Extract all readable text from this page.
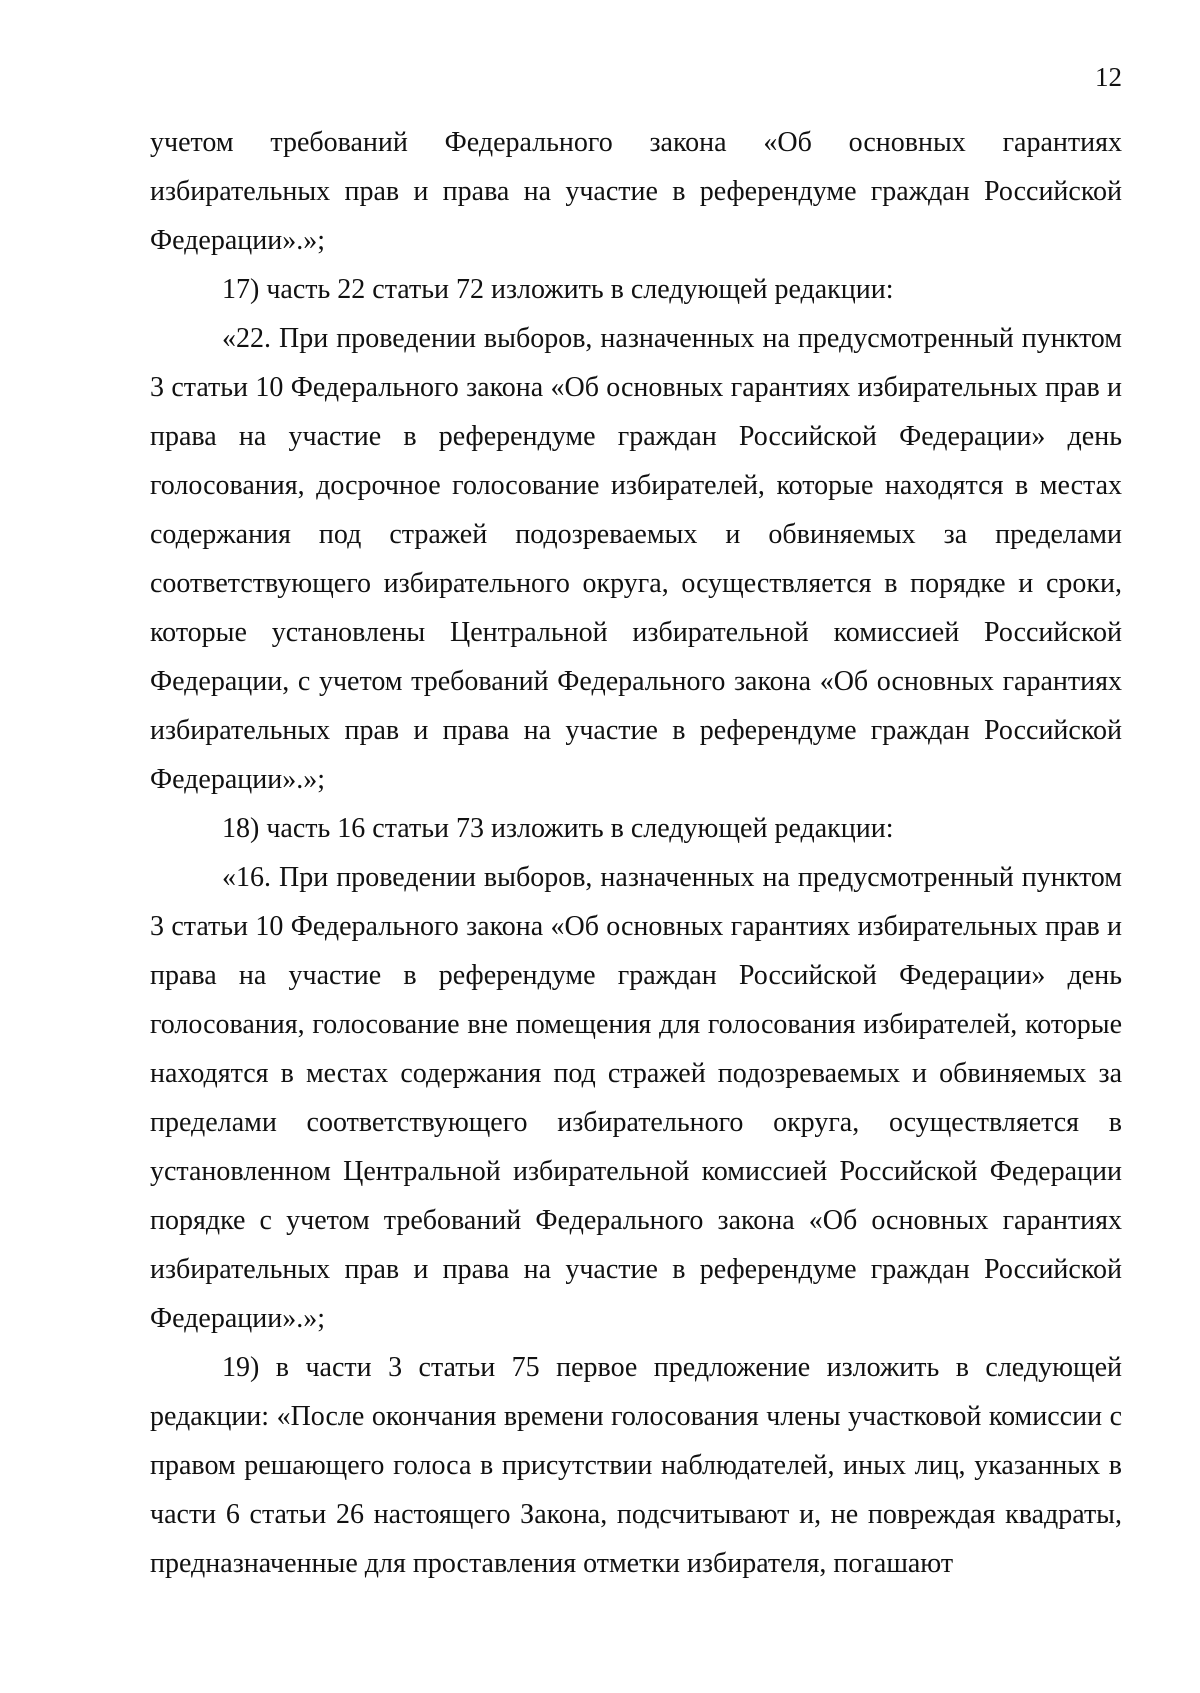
12

учетом требований Федерального закона «Об основных гарантиях избирательных прав и права на участие в референдуме граждан Российской Федерации».»;

17) часть 22 статьи 72 изложить в следующей редакции:

«22. При проведении выборов, назначенных на предусмотренный пунктом 3 статьи 10 Федерального закона «Об основных гарантиях избирательных прав и права на участие в референдуме граждан Российской Федерации» день голосования, досрочное голосование избирателей, которые находятся в местах содержания под стражей подозреваемых и обвиняемых за пределами соответствующего избирательного округа, осуществляется в порядке и сроки, которые установлены Центральной избирательной комиссией Российской Федерации, с учетом требований Федерального закона «Об основных гарантиях избирательных прав и права на участие в референдуме граждан Российской Федерации».»;

18) часть 16 статьи 73 изложить в следующей редакции:

«16. При проведении выборов, назначенных на предусмотренный пунктом 3 статьи 10 Федерального закона «Об основных гарантиях избирательных прав и права на участие в референдуме граждан Российской Федерации» день голосования, голосование вне помещения для голосования избирателей, которые находятся в местах содержания под стражей подозреваемых и обвиняемых за пределами соответствующего избирательного округа, осуществляется в установленном Центральной избирательной комиссией Российской Федерации порядке с учетом требований Федерального закона «Об основных гарантиях избирательных прав и права на участие в референдуме граждан Российской Федерации».»;

19) в части 3 статьи 75 первое предложение изложить в следующей редакции: «После окончания времени голосования члены участковой комиссии с правом решающего голоса в присутствии наблюдателей, иных лиц, указанных в части 6 статьи 26 настоящего Закона, подсчитывают и, не повреждая квадраты, предназначенные для проставления отметки избирателя, погашают
